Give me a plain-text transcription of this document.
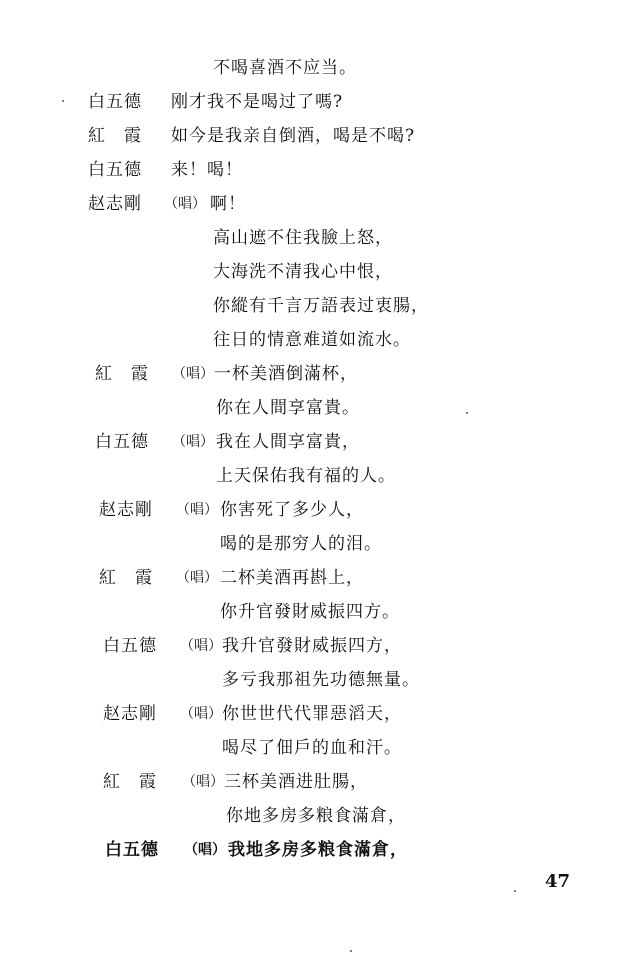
不喝喜酒不应当。
白五德 刚才我不是喝过了嗎?
紅　霞 如今是我亲自倒酒，喝是不喝?
白五德 来！喝！
赵志剛 （唱） 啊！
高山遮不住我臉上怒，
大海洗不清我心中恨，
你縱有千言万語表过衷腸，
往日的情意难道如流水。
紅　霞 （唱） 一杯美酒倒滿杯，
你在人間享富貴。
白五德 （唱） 我在人間享富貴，
上天保佑我有福的人。
赵志剛 （唱） 你害死了多少人，
喝的是那穷人的泪。
紅　霞 （唱） 二杯美酒再斟上，
你升官發財威振四方。
白五德 （唱） 我升官發財威振四方，
多亏我那祖先功德無量。
赵志剛 （唱） 你世世代代罪惡滔天，
喝尽了佃戶的血和汗。
紅　霞 （唱） 三杯美酒进肚腸，
你地多房多粮食滿倉，
白五德 （唱） 我地多房多粮食滿倉，
47
